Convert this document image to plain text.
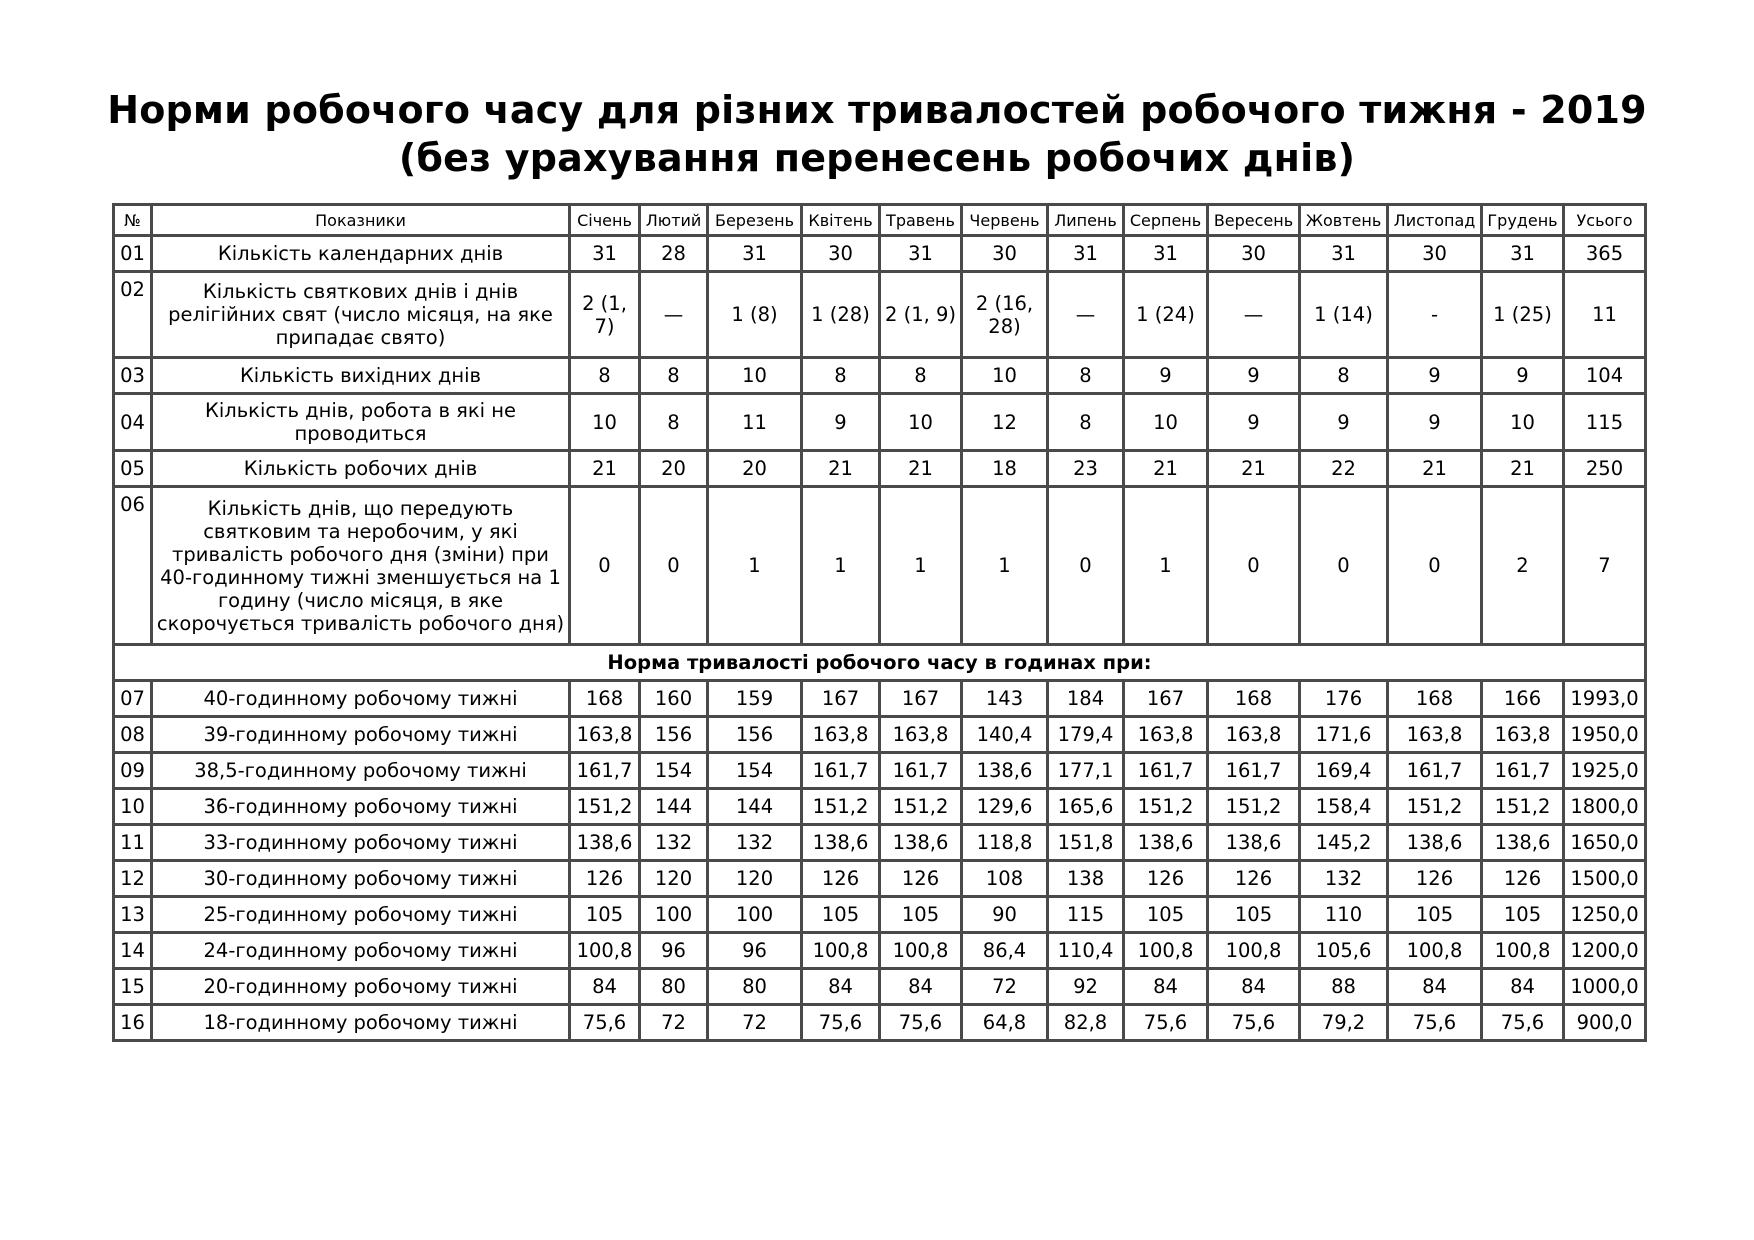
Норми робочого часу для різних тривалостей робочого тижня - 2019
(без урахування перенесень робочих днів)
№	Показники	Січень	Лютий	Березень	Квітень	Травень	Червень	Липень	Серпень	Вересень	Жовтень	Листопад	Грудень	Усього
01	Кількість календарних днів	31	28	31	30	31	30	31	31	30	31	30	31	365
02	Кількість святкових днів і днів релігійних свят (число місяця, на яке припадає свято)	2 (1, 7)	—	1 (8)	1 (28)	2 (1, 9)	2 (16, 28)	—	1 (24)	—	1 (14)	-	1 (25)	11
03	Кількість вихідних днів	8	8	10	8	8	10	8	9	9	8	9	9	104
04	Кількість днів, робота в які не проводиться	10	8	11	9	10	12	8	10	9	9	9	10	115
05	Кількість робочих днів	21	20	20	21	21	18	23	21	21	22	21	21	250
06	Кількість днів, що передують святковим та неробочим, у які тривалість робочого дня (зміни) при 40-годинному тижні зменшується на 1 годину (число місяця, в яке скорочується тривалість робочого дня)	0	0	1	1	1	1	0	1	0	0	0	2	7
Норма тривалості робочого часу в годинах при:														
07	40-годинному робочому тижні	168	160	159	167	167	143	184	167	168	176	168	166	1993,0
08	39-годинному робочому тижні	163,8	156	156	163,8	163,8	140,4	179,4	163,8	163,8	171,6	163,8	163,8	1950,0
09	38,5-годинному робочому тижні	161,7	154	154	161,7	161,7	138,6	177,1	161,7	161,7	169,4	161,7	161,7	1925,0
10	36-годинному робочому тижні	151,2	144	144	151,2	151,2	129,6	165,6	151,2	151,2	158,4	151,2	151,2	1800,0
11	33-годинному робочому тижні	138,6	132	132	138,6	138,6	118,8	151,8	138,6	138,6	145,2	138,6	138,6	1650,0
12	30-годинному робочому тижні	126	120	120	126	126	108	138	126	126	132	126	126	1500,0
13	25-годинному робочому тижні	105	100	100	105	105	90	115	105	105	110	105	105	1250,0
14	24-годинному робочому тижні	100,8	96	96	100,8	100,8	86,4	110,4	100,8	100,8	105,6	100,8	100,8	1200,0
15	20-годинному робочому тижні	84	80	80	84	84	72	92	84	84	88	84	84	1000,0
16	18-годинному робочому тижні	75,6	72	72	75,6	75,6	64,8	82,8	75,6	75,6	79,2	75,6	75,6	900,0
